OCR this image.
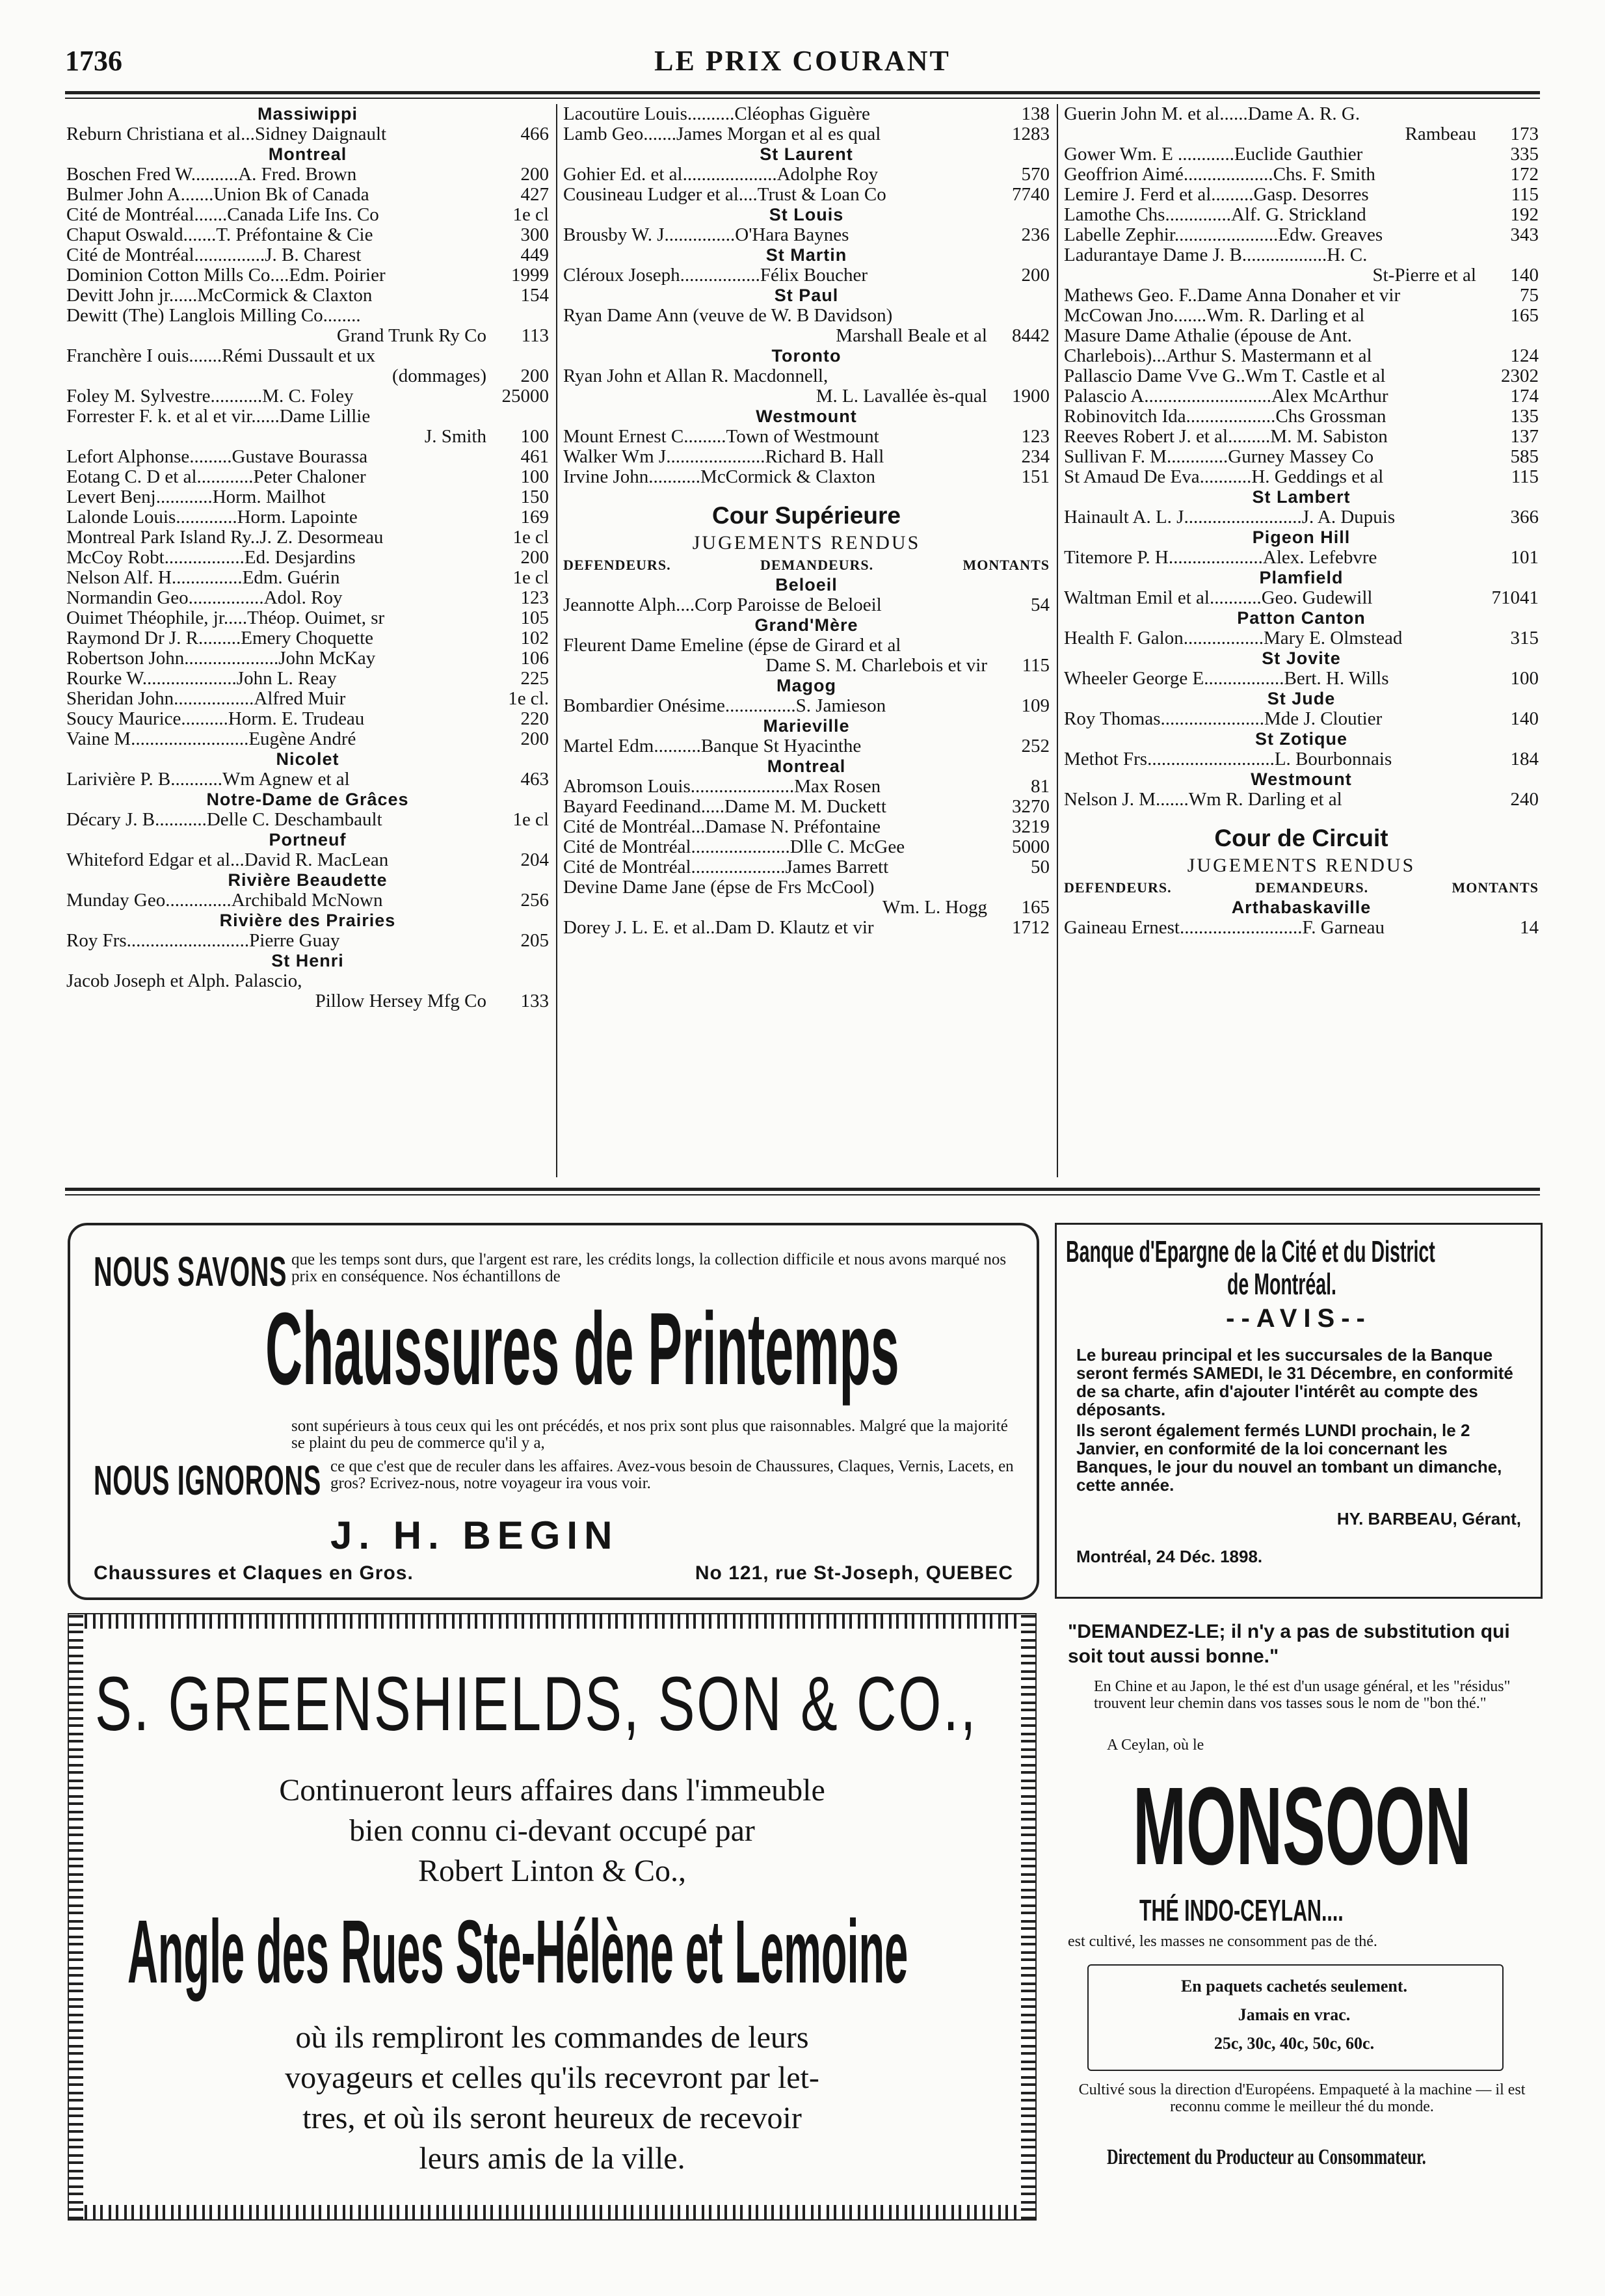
1736	LE PRIX COURANT
Massiwippi
Reburn Christiana et al...Sidney Daignault	466
Montreal
Boschen Fred W..........A. Fred. Brown	200
Bulmer John A.......Union Bk of Canada	427
Cité de Montréal.......Canada Life Ins. Co	1e cl
Chaput Oswald.......T. Préfontaine & Cie	300
Cité de Montréal...............J. B. Charest	449
Dominion Cotton Mills Co....Edm. Poirier	1999
Devitt John jr......McCormick & Claxton	154
Dewitt (The) Langlois Milling Co........
Grand Trunk Ry Co	113
Franchère I ouis.......Rémi Dussault et ux
(dommages)	200
Foley M. Sylvestre...........M. C. Foley	25000
Forrester F. k. et al et vir......Dame Lillie
J. Smith	100
Lefort Alphonse.........Gustave Bourassa	461
Eotang C. D et al............Peter Chaloner	100
Levert Benj............Horm. Mailhot	150
Lalonde Louis.............Horm. Lapointe	169
Montreal Park Island Ry..J. Z. Desormeau	1e cl
McCoy Robt.................Ed. Desjardins	200
Nelson Alf. H...............Edm. Guérin	1e cl
Normandin Geo................Adol. Roy	123
Ouimet Théophile, jr.....Théop. Ouimet, sr	105
Raymond Dr J. R.........Emery Choquette	102
Robertson John....................John McKay	106
Rourke W....................John L. Reay	225
Sheridan John.................Alfred Muir	1e cl.
Soucy Maurice..........Horm. E. Trudeau	220
Vaine M.........................Eugène André	200
Nicolet
Larivière P. B...........Wm Agnew et al	463
Notre-Dame de Grâces
Décary J. B...........Delle C. Deschambault	1e cl
Portneuf
Whiteford Edgar et al...David R. MacLean	204
Rivière Beaudette
Munday Geo..............Archibald McNown	256
Rivière des Prairies
Roy Frs..........................Pierre Guay	205
St Henri
Jacob Joseph et Alph. Palascio,
Pillow Hersey Mfg Co	133
Lacoutüre Louis..........Cléophas Giguère	138
Lamb Geo.......James Morgan et al es qual	1283
St Laurent
Gohier Ed. et al....................Adolphe Roy	570
Cousineau Ludger et al....Trust & Loan Co	7740
St Louis
Brousby W. J...............O'Hara Baynes	236
St Martin
Cléroux Joseph.................Félix Boucher	200
St Paul
Ryan Dame Ann (veuve de W. B Davidson)
Marshall Beale et al	8442
Toronto
Ryan John et Allan R. Macdonnell,
M. L. Lavallée ès-qual	1900
Westmount
Mount Ernest C.........Town of Westmount	123
Walker Wm J.....................Richard B. Hall	234
Irvine John...........McCormick & Claxton	151
Cour Supérieure
JUGEMENTS RENDUS
DEFENDEURS.	DEMANDEURS.	MONTANTS
Beloeil
Jeannotte Alph....Corp Paroisse de Beloeil	54
Grand'Mère
Fleurent Dame Emeline (épse de Girard et al
Dame S. M. Charlebois et vir	115
Magog
Bombardier Onésime...............S. Jamieson	109
Marieville
Martel Edm..........Banque St Hyacinthe	252
Montreal
Abromson Louis......................Max Rosen	81
Bayard Feedinand.....Dame M. M. Duckett	3270
Cité de Montréal...Damase N. Préfontaine	3219
Cité de Montréal.....................Dlle C. McGee	5000
Cité de Montréal....................James Barrett	50
Devine Dame Jane (épse de Frs McCool)
Wm. L. Hogg	165
Dorey J. L. E. et al..Dam D. Klautz et vir	1712
Guerin John M. et al......Dame A. R. G.
Rambeau	173
Gower Wm. E ............Euclide Gauthier	335
Geoffrion Aimé...................Chs. F. Smith	172
Lemire J. Ferd et al.........Gasp. Desorres	115
Lamothe Chs..............Alf. G. Strickland	192
Labelle Zephir......................Edw. Greaves	343
Ladurantaye Dame J. B..................H. C.
St-Pierre et al	140
Mathews Geo. F..Dame Anna Donaher et vir	75
McCowan Jno.......Wm. R. Darling et al	165
Masure Dame Athalie (épouse de Ant.
Charlebois)...Arthur S. Mastermann et al	124
Pallascio Dame Vve G..Wm T. Castle et al	2302
Palascio A...........................Alex McArthur	174
Robinovitch Ida...................Chs Grossman	135
Reeves Robert J. et al.........M. M. Sabiston	137
Sullivan F. M.............Gurney Massey Co	585
St Amaud De Eva...........H. Geddings et al	115
St Lambert
Hainault A. L. J.........................J. A. Dupuis	366
Pigeon Hill
Titemore P. H....................Alex. Lefebvre	101
Plamfield
Waltman Emil et al...........Geo. Gudewill	71041
Patton Canton
Health F. Galon.................Mary E. Olmstead	315
St Jovite
Wheeler George E.................Bert. H. Wills	100
St Jude
Roy Thomas......................Mde J. Cloutier	140
St Zotique
Methot Frs...........................L. Bourbonnais	184
Westmount
Nelson J. M.......Wm R. Darling et al	240
Cour de Circuit
JUGEMENTS RENDUS
DEFENDEURS.	DEMANDEURS.	MONTANTS
Arthabaskaville
Gaineau Ernest..........................F. Garneau	14
NOUS SAVONS que les temps sont durs, que l'argent est rare, les crédits longs, la collection difficile et nous avons marqué nos prix en conséquence. Nos échantillons de
Chaussures de Printemps
sont supérieurs à tous ceux qui les ont précédés, et nos prix sont plus que raisonnables. Malgré que la majorité se plaint du peu de commerce qu'il y a,
NOUS IGNORONS ce que c'est que de reculer dans les affaires. Avez-vous besoin de Chaussures, Claques, Vernis, Lacets, en gros? Ecrivez-nous, notre voyageur ira vous voir.
J. H. BEGIN
Chaussures et Claques en Gros.	No 121, rue St-Joseph, QUEBEC
S. GREENSHIELDS, SON & CO.,
Continueront leurs affaires dans l'immeuble
bien connu ci-devant occupé par
Robert Linton & Co.,
Angle des Rues Ste-Hélène et Lemoine
où ils rempliront les commandes de leurs
voyageurs et celles qu'ils recevront par let-
tres, et où ils seront heureux de recevoir
leurs amis de la ville.
Banque d'Epargne de la Cité et du District
de Montréal.
--AVIS--
Le bureau principal et les succursales de la Banque seront fermés SAMEDI, le 31 Décembre, en conformité de sa charte, afin d'ajouter l'intérêt au compte des déposants.
Ils seront également fermés LUNDI prochain, le 2 Janvier, en conformité de la loi concernant les Banques, le jour du nouvel an tombant un dimanche, cette année.
HY. BARBEAU, Gérant,
Montréal, 24 Déc. 1898.
"DEMANDEZ-LE; il n'y a pas de substitution qui soit tout aussi bonne."
En Chine et au Japon, le thé est d'un usage général, et les "résidus" trouvent leur chemin dans vos tasses sous le nom de "bon thé."
A Ceylan, où le
MONSOON
THÉ INDO-CEYLAN....
est cultivé, les masses ne consomment pas de thé.
En paquets cachetés seulement.
Jamais en vrac.
25c, 30c, 40c, 50c, 60c.
Cultivé sous la direction d'Européens. Empaqueté à la machine — il est reconnu comme le meilleur thé du monde.
Directement du Producteur au Consommateur.
